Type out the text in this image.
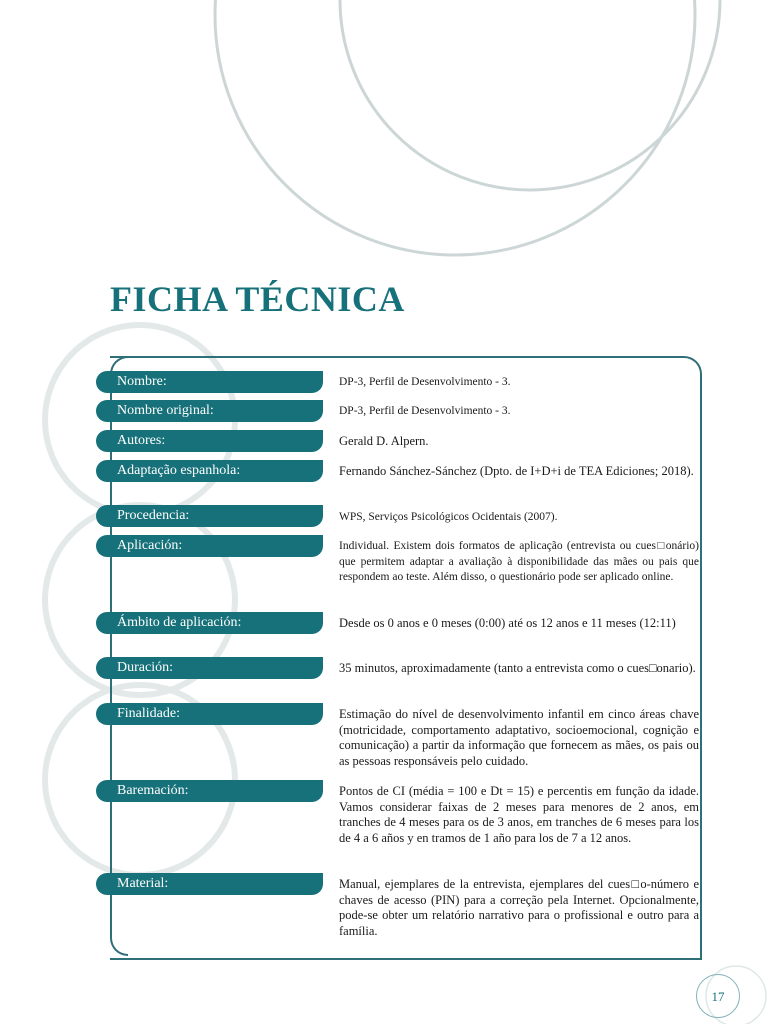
FICHA TÉCNICA
Nombre:	DP-3, Perfil de Desenvolvimento - 3.
Nombre original:	DP-3, Perfil de Desenvolvimento - 3.
Autores:	Gerald D. Alpern.
Adaptação espanhola:	Fernando Sánchez-Sánchez (Dpto. de I+D+i de TEA Ediciones; 2018).
Procedencia:	WPS, Serviços Psicológicos Ocidentais (2007).
Aplicación:	Individual. Existem dois formatos de aplicação (entrevista ou cues□onário) que permitem adaptar a avaliação à disponibilidade das mães ou pais que respondem ao teste. Além disso, o questionário pode ser aplicado online.
Ámbito de aplicación:	Desde os 0 anos e 0 meses (0:00) até os 12 anos e 11 meses (12:11)
Duración:	35 minutos, aproximadamente (tanto a entrevista como o cues□onario).
Finalidade:	Estimação do nível de desenvolvimento infantil em cinco áreas chave (motricidade, comportamento adaptativo, socioemocional, cognição e comunicação) a partir da informação que fornecem as mães, os pais ou as pessoas responsáveis pelo cuidado.
Baremación:	Pontos de CI (média = 100 e Dt = 15) e percentis em função da idade. Vamos considerar faixas de 2 meses para menores de 2 anos, em tranches de 4 meses para os de 3 anos, em tranches de 6 meses para los de 4 a 6 años y en tramos de 1 año para los de 7 a 12 anos.
Material:	Manual, ejemplares de la entrevista, ejemplares del cues□o-número e chaves de acesso (PIN) para a correção pela Internet. Opcionalmente, pode-se obter um relatório narrativo para o profissional e outro para a família.
17
